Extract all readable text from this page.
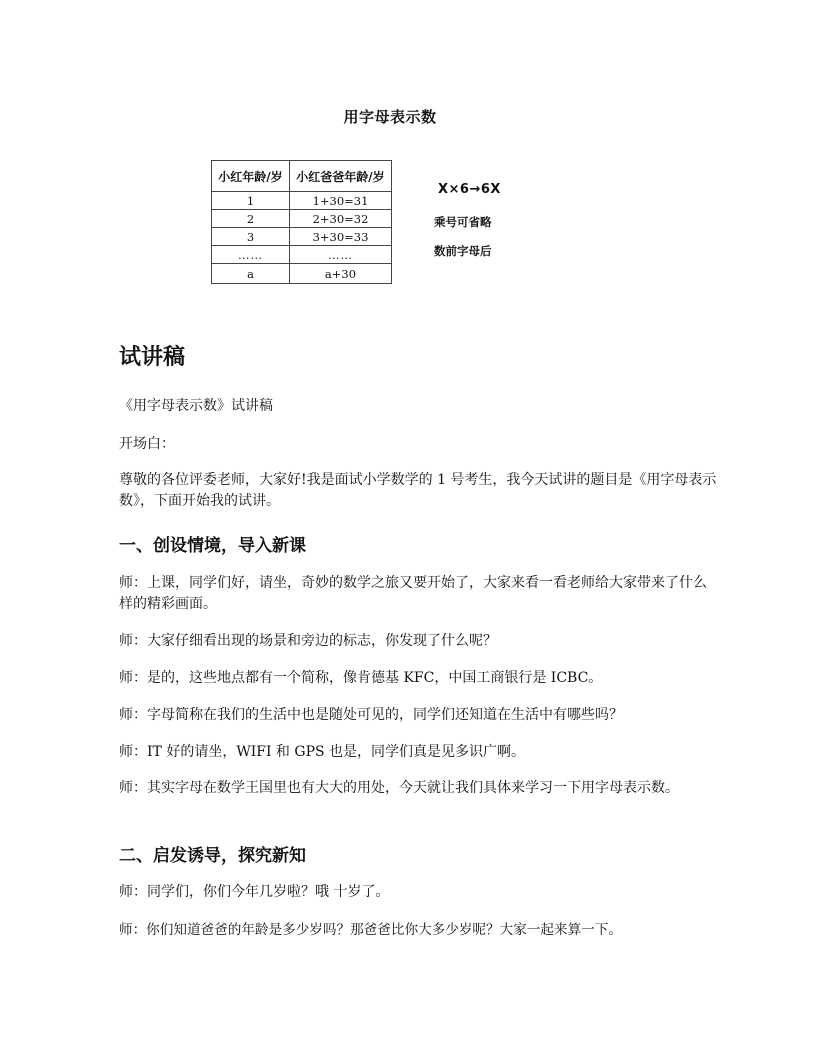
用字母表示数
小红年龄/岁	小红爸爸年龄/岁
1	1+30=31
2	2+30=32
3	3+30=33
……	……
a	a+30
X×6→6X
乘号可省略
数前字母后
试讲稿

《用字母表示数》试讲稿

开场白：

尊敬的各位评委老师，大家好!我是面试小学数学的 1 号考生，我今天试讲的题目是《用字母表示数》，下面开始我的试讲。

一、创设情境，导入新课

师：上课，同学们好，请坐，奇妙的数学之旅又要开始了，大家来看一看老师给大家带来了什么样的精彩画面。

师：大家仔细看出现的场景和旁边的标志，你发现了什么呢？

师：是的，这些地点都有一个简称，像肯德基 KFC，中国工商银行是 ICBC。

师：字母简称在我们的生活中也是随处可见的，同学们还知道在生活中有哪些吗？

师：IT 好的请坐，WIFI 和 GPS 也是，同学们真是见多识广啊。

师：其实字母在数学王国里也有大大的用处，今天就让我们具体来学习一下用字母表示数。

二、启发诱导，探究新知

师：同学们，你们今年几岁啦？哦 十岁了。

师：你们知道爸爸的年龄是多少岁吗？那爸爸比你大多少岁呢？大家一起来算一下。
